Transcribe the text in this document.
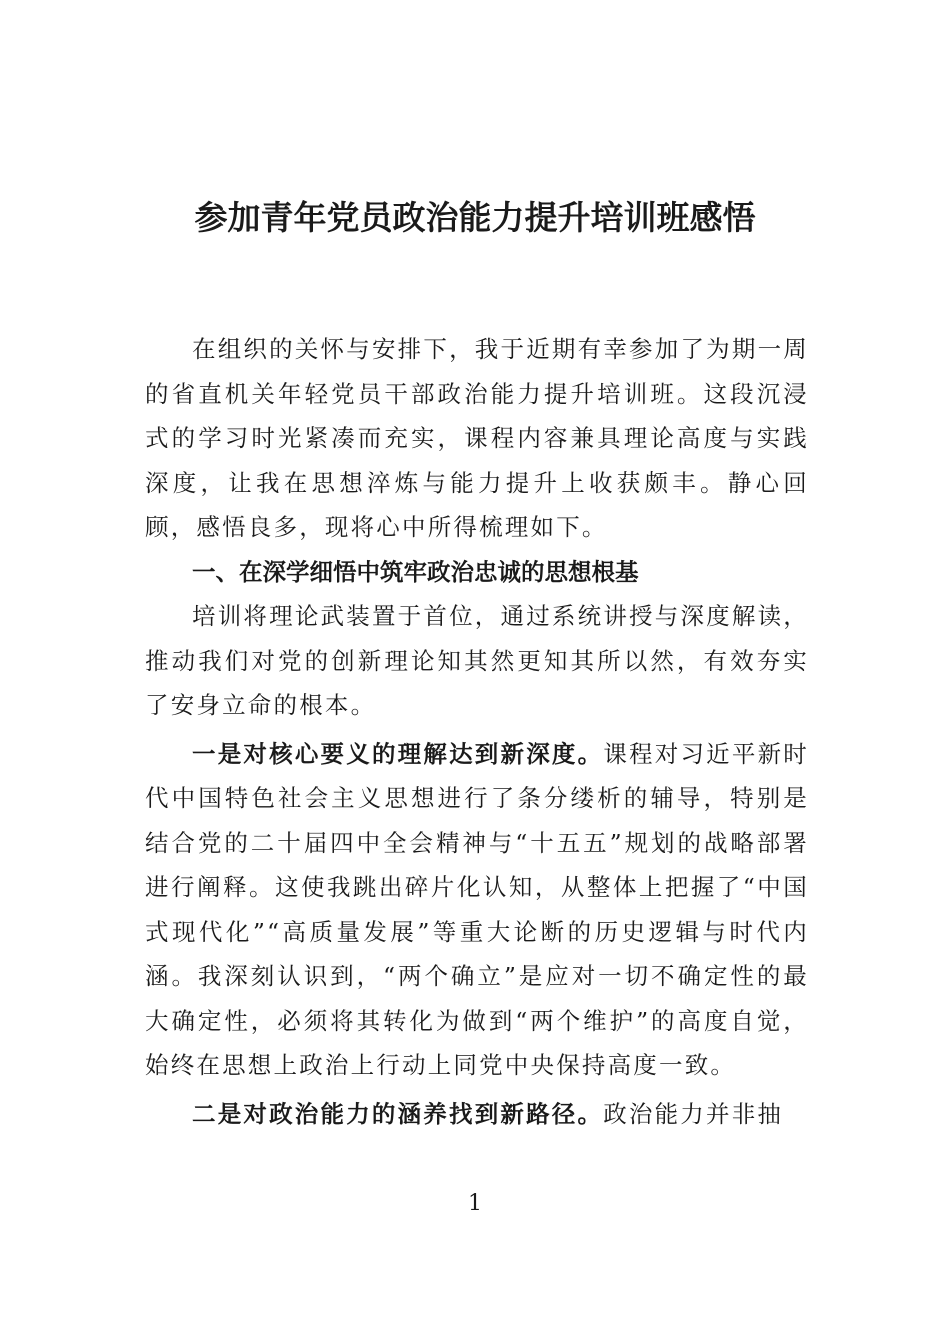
参加青年党员政治能力提升培训班感悟

在组织的关怀与安排下，我于近期有幸参加了为期一周的省直机关年轻党员干部政治能力提升培训班。这段沉浸式的学习时光紧凑而充实，课程内容兼具理论高度与实践深度，让我在思想淬炼与能力提升上收获颇丰。静心回顾，感悟良多，现将心中所得梳理如下。

一、在深学细悟中筑牢政治忠诚的思想根基

培训将理论武装置于首位，通过系统讲授与深度解读，推动我们对党的创新理论知其然更知其所以然，有效夯实了安身立命的根本。

一是对核心要义的理解达到新深度。课程对习近平新时代中国特色社会主义思想进行了条分缕析的辅导，特别是结合党的二十届四中全会精神与“十五五”规划的战略部署进行阐释。这使我跳出碎片化认知，从整体上把握了“中国式现代化”“高质量发展”等重大论断的历史逻辑与时代内涵。我深刻认识到，“两个确立”是应对一切不确定性的最大确定性，必须将其转化为做到“两个维护”的高度自觉，始终在思想上政治上行动上同党中央保持高度一致。

二是对政治能力的涵养找到新路径。政治能力并非抽

1
